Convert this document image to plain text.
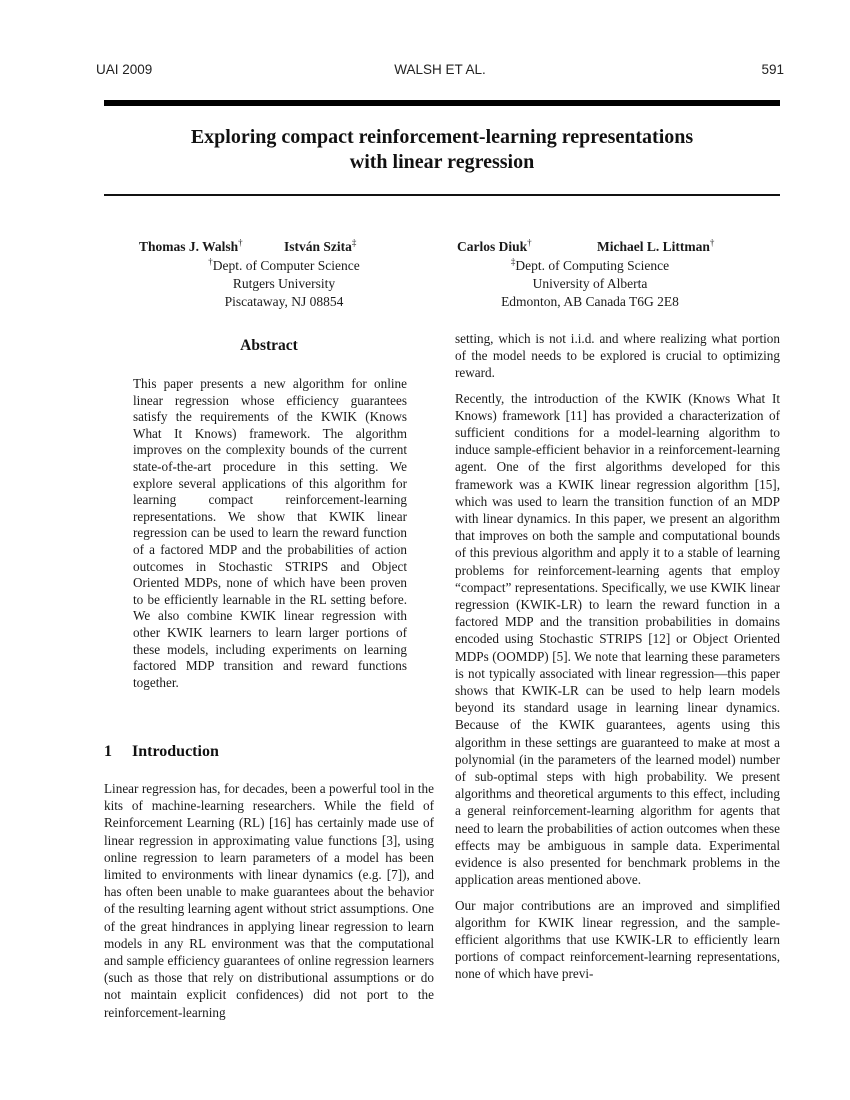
UAI 2009	WALSH ET AL.	591
Exploring compact reinforcement-learning representations
with linear regression
Thomas J. Walsh†	István Szita‡	Carlos Diuk†	Michael L. Littman†
†Dept. of Computer Science
Rutgers University
Piscataway, NJ 08854
‡Dept. of Computing Science
University of Alberta
Edmonton, AB Canada T6G 2E8
Abstract

This paper presents a new algorithm for online linear regression whose efficiency guarantees satisfy the requirements of the KWIK (Knows What It Knows) framework. The algorithm improves on the complexity bounds of the current state-of-the-art procedure in this setting. We explore several applications of this algorithm for learning compact reinforcement-learning representations. We show that KWIK linear regression can be used to learn the reward function of a factored MDP and the probabilities of action outcomes in Stochastic STRIPS and Object Oriented MDPs, none of which have been proven to be efficiently learnable in the RL setting before. We also combine KWIK linear regression with other KWIK learners to learn larger portions of these models, including experiments on learning factored MDP transition and reward functions together.

1 Introduction

Linear regression has, for decades, been a powerful tool in the kits of machine-learning researchers. While the field of Reinforcement Learning (RL) [16] has certainly made use of linear regression in approximating value functions [3], using online regression to learn parameters of a model has been limited to environments with linear dynamics (e.g. [7]), and has often been unable to make guarantees about the behavior of the resulting learning agent without strict assumptions. One of the great hindrances in applying linear regression to learn models in any RL environment was that the computational and sample efficiency guarantees of online regression learners (such as those that rely on distributional assumptions or do not maintain explicit confidences) did not port to the reinforcement-learning

setting, which is not i.i.d. and where realizing what portion of the model needs to be explored is crucial to optimizing reward.

Recently, the introduction of the KWIK (Knows What It Knows) framework [11] has provided a characterization of sufficient conditions for a model-learning algorithm to induce sample-efficient behavior in a reinforcement-learning agent. One of the first algorithms developed for this framework was a KWIK linear regression algorithm [15], which was used to learn the transition function of an MDP with linear dynamics. In this paper, we present an algorithm that improves on both the sample and computational bounds of this previous algorithm and apply it to a stable of learning problems for reinforcement-learning agents that employ “compact” representations. Specifically, we use KWIK linear regression (KWIK-LR) to learn the reward function in a factored MDP and the transition probabilities in domains encoded using Stochastic STRIPS [12] or Object Oriented MDPs (OOMDP) [5]. We note that learning these parameters is not typically associated with linear regression—this paper shows that KWIK-LR can be used to help learn models beyond its standard usage in learning linear dynamics. Because of the KWIK guarantees, agents using this algorithm in these settings are guaranteed to make at most a polynomial (in the parameters of the learned model) number of sub-optimal steps with high probability. We present algorithms and theoretical arguments to this effect, including a general reinforcement-learning algorithm for agents that need to learn the probabilities of action outcomes when these effects may be ambiguous in sample data. Experimental evidence is also presented for benchmark problems in the application areas mentioned above.

Our major contributions are an improved and simplified algorithm for KWIK linear regression, and the sample-efficient algorithms that use KWIK-LR to efficiently learn portions of compact reinforcement-learning representations, none of which have previ-
